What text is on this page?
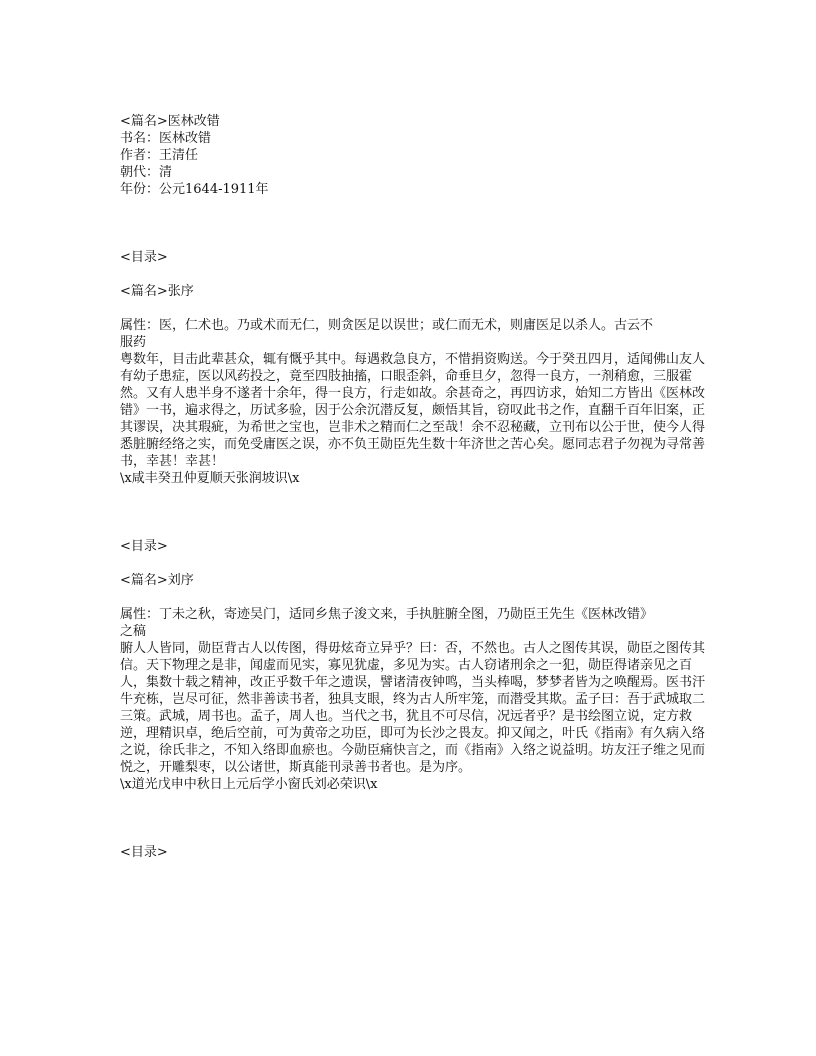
<篇名>医林改错
书名：医林改错
作者：王清任
朝代：清
年份：公元1644-1911年
<目录>
<篇名>张序
属性：医，仁术也。乃或术而无仁，则贪医足以误世；或仁而无术，则庸医足以杀人。古云不
服药
粤数年，目击此辈甚众，辄有慨乎其中。每遇救急良方，不惜捐资购送。今于癸丑四月，适闻佛山友人有幼子患症，医以风药投之，竟至四肢抽搐，口眼歪斜，命垂旦夕，忽得一良方，一剂稍愈，三服霍然。又有人患半身不遂者十余年，得一良方，行走如故。余甚奇之，再四访求，始知二方皆出《医林改错》一书，遍求得之，历试多验，因于公余沉潜反复，颇悟其旨，窃叹此书之作，直翻千百年旧案，正其谬误，决其瑕疵，为希世之宝也，岂非术之精而仁之至哉！余不忍秘藏，立刊布以公于世，使今人得悉脏腑经络之实，而免受庸医之误，亦不负王勋臣先生数十年济世之苦心矣。愿同志君子勿视为寻常善书，幸甚！幸甚！
\x咸丰癸丑仲夏顺天张润坡识\x
<目录>
<篇名>刘序
属性：丁未之秋，寄迹吴门，适同乡焦子浚文来，手执脏腑全图，乃勋臣王先生《医林改错》
之稿
腑人人皆同，勋臣背古人以传图，得毋炫奇立异乎？曰：否，不然也。古人之图传其误，勋臣之图传其信。天下物理之是非，闻虚而见实，寡见犹虚，多见为实。古人窃诸刑余之一犯，勋臣得诸亲见之百人，集数十载之精神，改正乎数千年之遗误，譬诸清夜钟鸣，当头棒喝，梦梦者皆为之唤醒焉。医书汗牛充栋，岂尽可征，然非善读书者，独具支眼，终为古人所牢笼，而潜受其欺。孟子曰：吾于武城取二三策。武城，周书也。孟子，周人也。当代之书，犹且不可尽信，况远者乎？是书绘图立说，定方救逆，理精识卓，绝后空前，可为黄帝之功臣，即可为长沙之畏友。抑又闻之，叶氏《指南》有久病入络之说，徐氏非之，不知入络即血瘀也。今勋臣痛快言之，而《指南》入络之说益明。坊友汪子维之见而悦之，开雕梨枣，以公诸世，斯真能刊录善书者也。是为序。
\x道光戊申中秋日上元后学小窗氏刘必荣识\x
<目录>
